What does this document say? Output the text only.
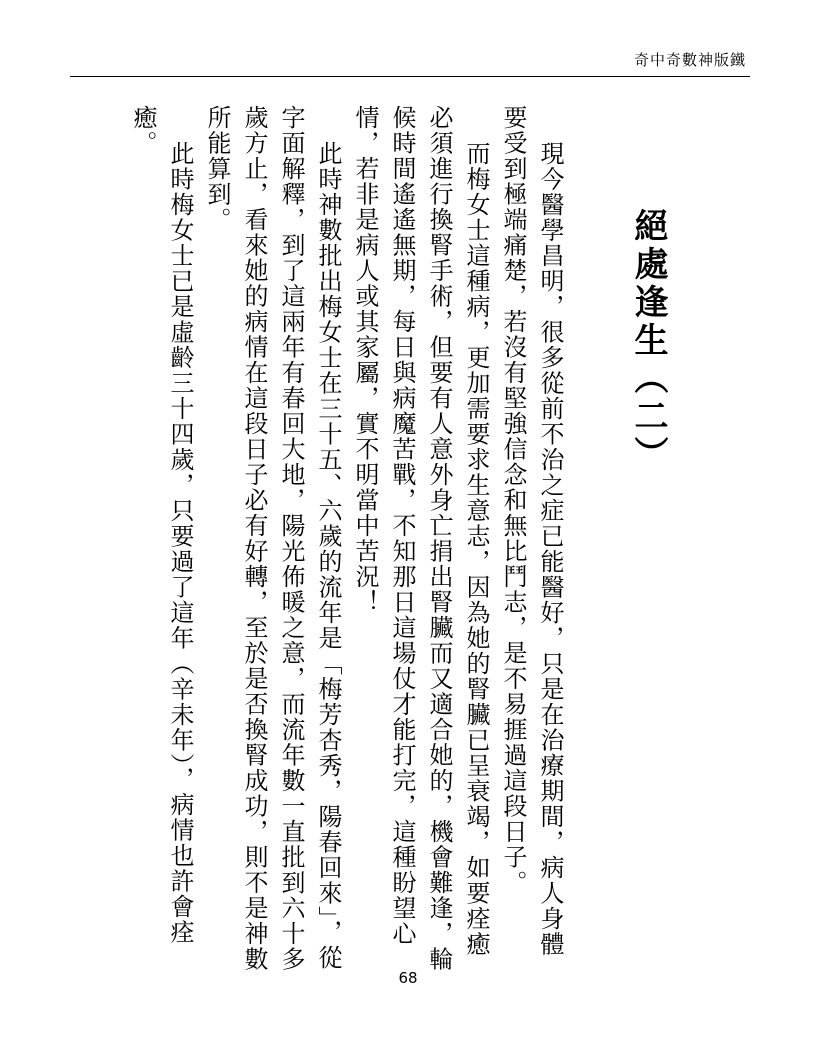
奇中奇數神版鐵
絕處逢生（二）

現今醫學昌明，很多從前不治之症已能醫好，只是在治療期間，病人身體要受到極端痛楚，若沒有堅強信念和無比鬥志，是不易捱過這段日子。

而梅女士這種病，更加需要求生意志，因為她的腎臟已呈衰竭，如要痊癒必須進行換腎手術，但要有人意外身亡捐出腎臟而又適合她的，機會難逢，輪候時間遙遙無期，每日與病魔苦戰，不知那日這場仗才能打完，這種盼望心情，若非是病人或其家屬，實不明當中苦況！

此時神數批出梅女士在三十五、六歲的流年是「梅芳杏秀，陽春回來」，從字面解釋，到了這兩年有春回大地，陽光佈暖之意，而流年數一直批到六十多歲方止，看來她的病情在這段日子必有好轉，至於是否換腎成功，則不是神數所能算到。

此時梅女士已是虛齡三十四歲，只要過了這年（辛未年），病情也許會痊癒。

68
